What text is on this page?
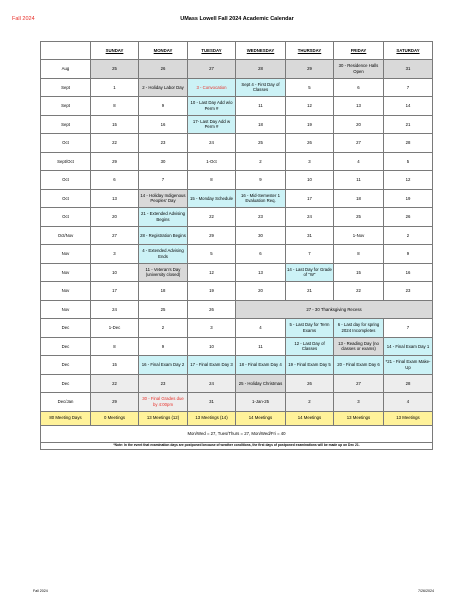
Fall 2024	UMass Lowell Fall 2024 Academic Calendar
	SUNDAY	MONDAY	TUESDAY	WEDNESDAY	THURSDAY	FRIDAY	SATURDAY
Aug	25	26	27	28	29	30 - Residence Halls Open	31
Sept	1	2 - Holiday Labor Day	3 - Convocation	Sept 4 - First Day of Classes	5	6	7
Sept	8	9	10 - Last Day Add w/o Perm #	11	12	13	14
Sept	15	16	17- Last Day Add w Perm #	18	19	20	21
Oct	22	23	24	25	26	27	28
Sept/Oct	29	30	1-Oct	2	3	4	5
Oct	6	7	8	9	10	11	12
Oct	13	14 - Holiday Indigenous Peoples' Day	15 - Monday Schedule	16 - Mid-Semester 1 Evaluation Req.	17	18	19
Oct	20	21 - Extended Advising Begins	22	23	24	25	26
Oct/Nov	27	28 - Registration Begins	29	30	31	1-Nov	2
Nov	3	4 - Extended Advising Ends	5	6	7	8	9
Nov	10	11 - Veteran's Day (university closed)	12	13	14 - Last Day for Grade of "W"	15	16
Nov	17	18	19	20	21	22	23
Nov	24	25	26	27 - 30 Thanksgiving Recess			
Dec	1-Dec	2	3	4	5 - Last Day for Term Exams	6 - Last day for spring 2024 Incompletes	7
Dec	8	9	10	11	12 - Last Day of Classes	13 - Reading Day (no classes or exams)	14 - Final Exam Day 1
Dec	15	16 - Final Exam Day 2	17 - Final Exam Day 3	18 - Final Exam Day 4	19 - Final Exam Day 5	20 - Final Exam Day 6	*21 - Final Exam Make-Up
Dec	22	23	24	25 - Holiday Christmas	26	27	28
Dec/Jan	29	30 - Final Grades due by 4:00pm	31	1-Jan-25	2	3	4
80 Meeting Days	0 Meetings	13 Meetings (12)	13 Meetings (14)	14 Meetings	14 Meetings	13 Meetings	13 Meetings
Mon/Wed = 27, Tues/Thurs = 27, Mon/Wed/Fri = 40							
*Note: In the event that examination days are postponed because of weather conditions, the first days of postponed examinations will be made up on Dec 21.							
Fall 2024	7/26/2024
